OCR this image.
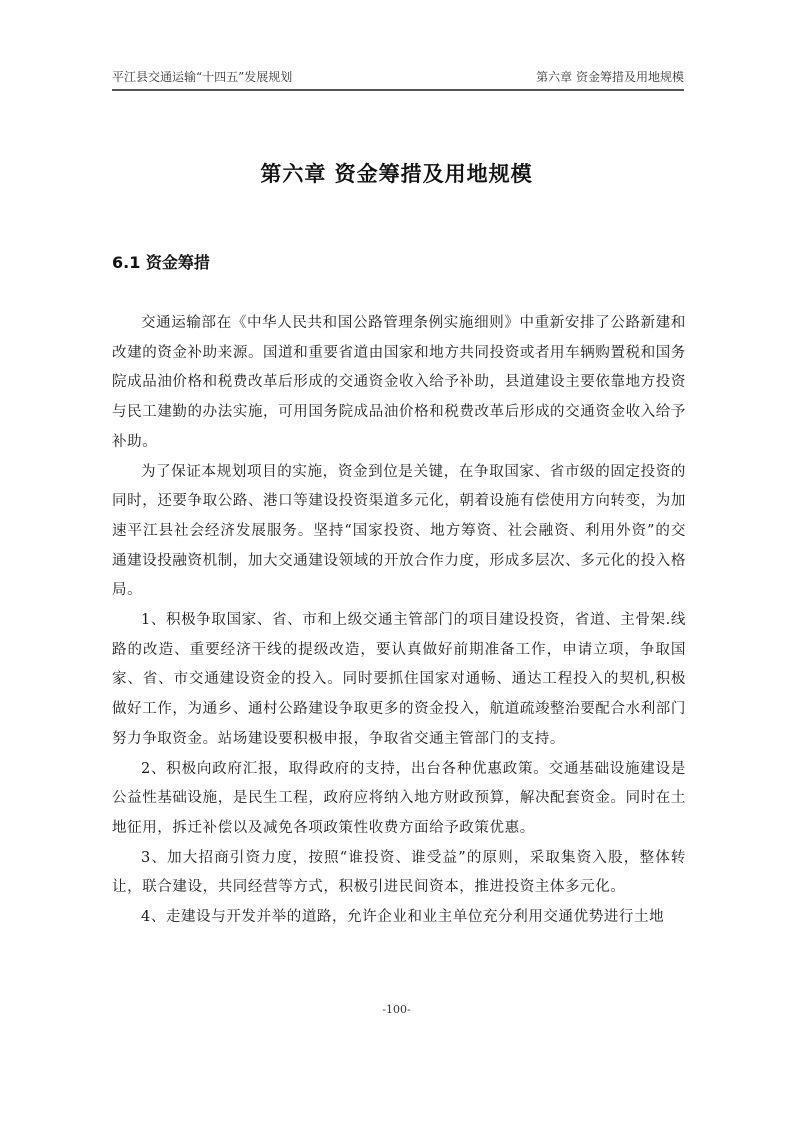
平江县交通运输“十四五”发展规划	第六章 资金筹措及用地规模
第六章 资金筹措及用地规模
6.1 资金筹措

交通运输部在《中华人民共和国公路管理条例实施细则》中重新安排了公路新建和改建的资金补助来源。国道和重要省道由国家和地方共同投资或者用车辆购置税和国务院成品油价格和税费改革后形成的交通资金收入给予补助，县道建设主要依靠地方投资与民工建勤的办法实施，可用国务院成品油价格和税费改革后形成的交通资金收入给予补助。

为了保证本规划项目的实施，资金到位是关键，在争取国家、省市级的固定投资的同时，还要争取公路、港口等建设投资渠道多元化，朝着设施有偿使用方向转变，为加速平江县社会经济发展服务。坚持“国家投资、地方筹资、社会融资、利用外资”的交通建设投融资机制，加大交通建设领域的开放合作力度，形成多层次、多元化的投入格局。

1、积极争取国家、省、市和上级交通主管部门的项目建设投资，省道、主骨架.线路的改造、重要经济干线的提级改造，要认真做好前期准备工作，申请立项，争取国家、省、市交通建设资金的投入。同时要抓住国家对通畅、通达工程投入的契机,积极做好工作，为通乡、通村公路建设争取更多的资金投入，航道疏竣整治要配合水利部门努力争取资金。站场建设要积极申报，争取省交通主管部门的支持。

2、积极向政府汇报，取得政府的支持，出台各种优惠政策。交通基础设施建设是公益性基础设施，是民生工程，政府应将纳入地方财政预算，解决配套资金。同时在土地征用，拆迁补偿以及减免各项政策性收费方面给予政策优惠。

3、加大招商引资力度，按照“谁投资、谁受益”的原则，采取集资入股，整体转让，联合建设，共同经营等方式，积极引进民间资本，推进投资主体多元化。

4、走建设与开发并举的道路，允许企业和业主单位充分利用交通优势进行土地

-100-
